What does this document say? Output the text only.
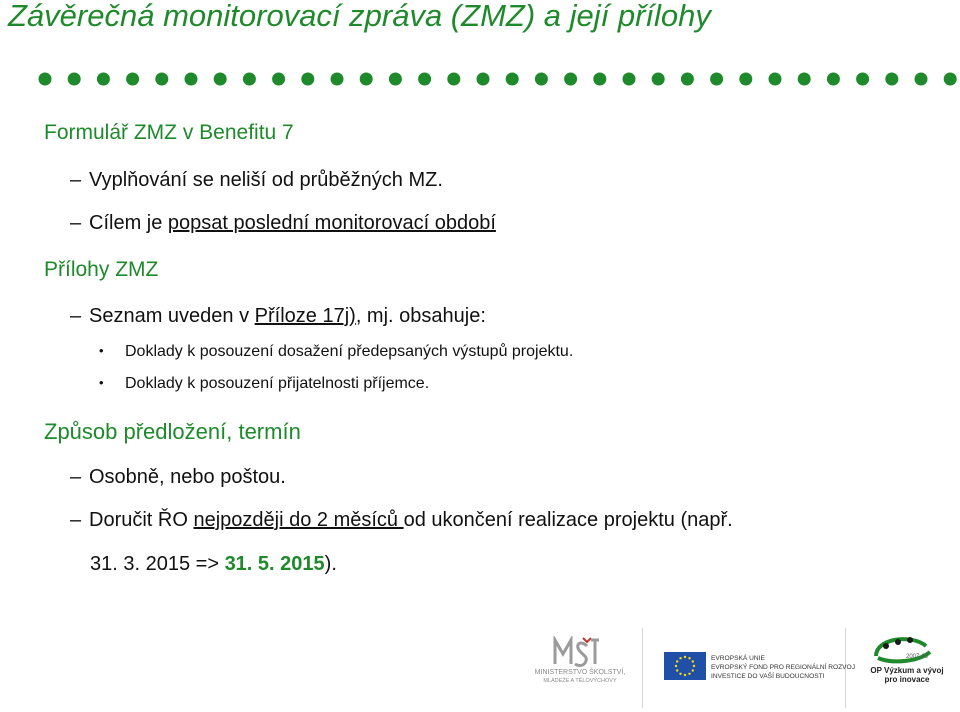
Závěrečná monitorovací zpráva (ZMZ) a její přílohy
Formulář ZMZ v Benefitu 7
– Vyplňování se neliší od průběžných MZ.
– Cílem je popsat poslední monitorovací období
Přílohy ZMZ
– Seznam uveden v Příloze 17j), mj. obsahuje:
• Doklady k posouzení dosažení předepsaných výstupů projektu.
• Doklady k posouzení přijatelnosti příjemce.
Způsob předložení, termín
– Osobně, nebo poštou.
– Doručit ŘO nejpozději do 2 měsíců od ukončení realizace projektu (např.
31. 3. 2015 => 31. 5. 2015).
MINISTERSTVO ŠKOLSTVÍ,
MLÁDEŽE A TĚLOVÝCHOVY
EVROPSKÁ UNIE
EVROPSKÝ FOND PRO REGIONÁLNÍ ROZVOJ
INVESTICE DO VAŠÍ BUDOUCNOSTI
2007-13
OP Výzkum a vývoj
pro inovace
